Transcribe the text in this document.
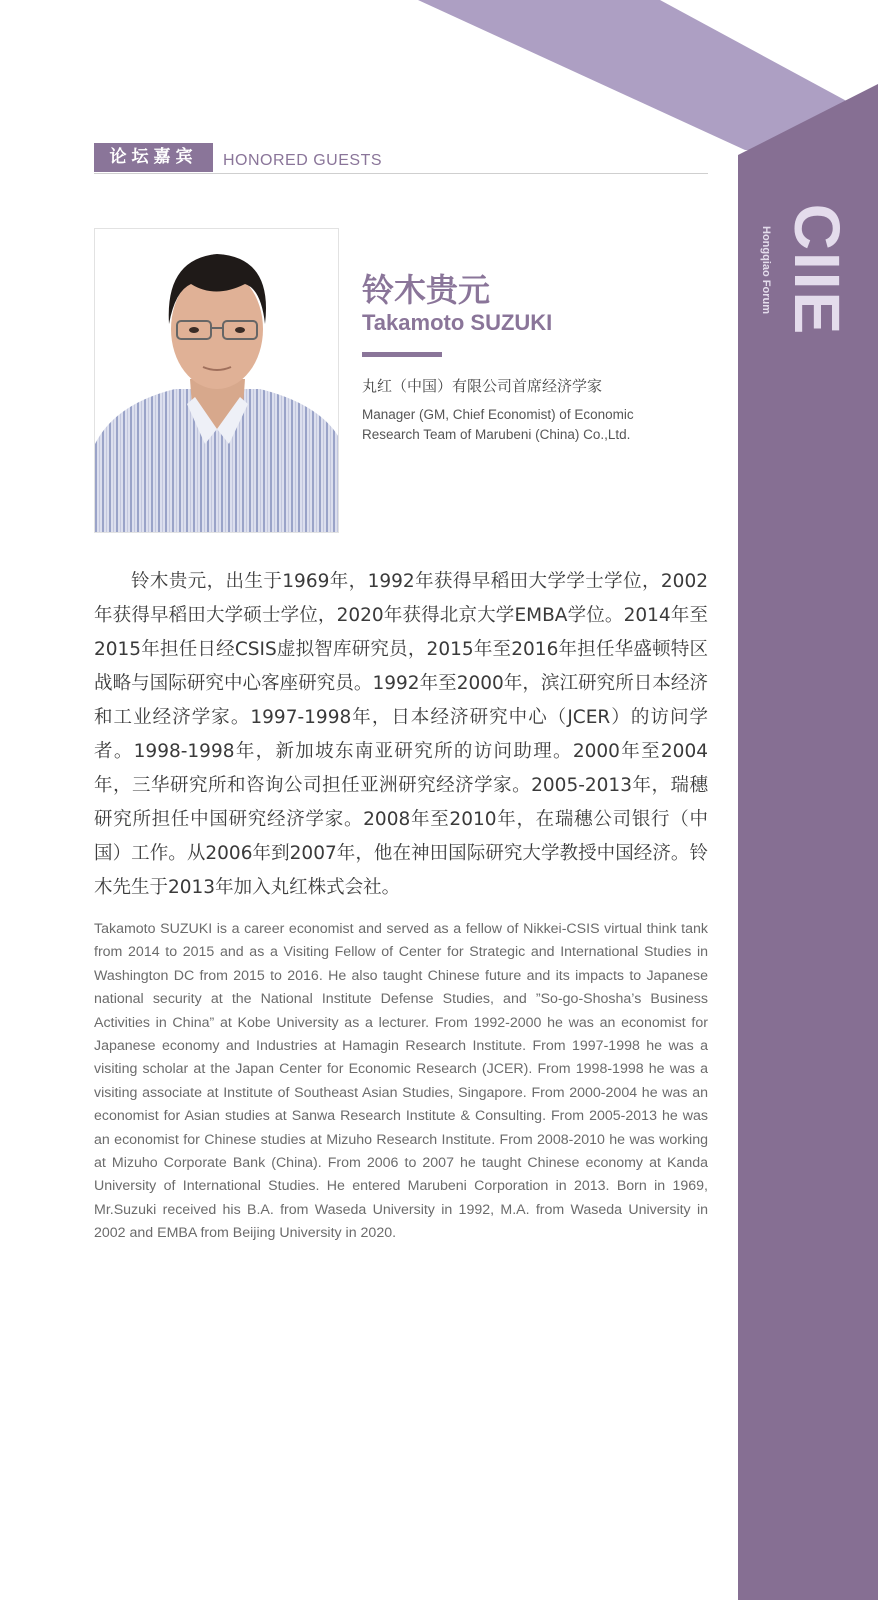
Hongqiao Forum CIIE
论坛嘉宾	HONORED GUESTS
铃木贵元
Takamoto SUZUKI
丸红（中国）有限公司首席经济学家
Manager (GM, Chief Economist) of Economic Research Team of Marubeni (China) Co.,Ltd.

铃木贵元，出生于1969年，1992年获得早稻田大学学士学位，2002年获得早稻田大学硕士学位，2020年获得北京大学EMBA学位。2014年至2015年担任日经CSIS虚拟智库研究员，2015年至2016年担任华盛顿特区战略与国际研究中心客座研究员。1992年至2000年，滨江研究所日本经济和工业经济学家。1997-1998年，日本经济研究中心（JCER）的访问学者。1998-1998年，新加坡东南亚研究所的访问助理。2000年至2004年，三华研究所和咨询公司担任亚洲研究经济学家。2005-2013年，瑞穗研究所担任中国研究经济学家。2008年至2010年，在瑞穗公司银行（中国）工作。从2006年到2007年，他在神田国际研究大学教授中国经济。铃木先生于2013年加入丸红株式会社。

Takamoto SUZUKI is a career economist and served as a fellow of Nikkei-CSIS virtual think tank from 2014 to 2015 and as a Visiting Fellow of Center for Strategic and International Studies in Washington DC from 2015 to 2016. He also taught Chinese future and its impacts to Japanese national security at the National Institute Defense Studies, and ”So-go-Shosha’s Business Activities in China” at Kobe University as a lecturer. From 1992-2000 he was an economist for Japanese economy and Industries at Hamagin Research Institute. From 1997-1998 he was a visiting scholar at the Japan Center for Economic Research (JCER). From 1998-1998 he was a visiting associate at Institute of Southeast Asian Studies, Singapore. From 2000-2004 he was an economist for Asian studies at Sanwa Research Institute & Consulting. From 2005-2013 he was an economist for Chinese studies at Mizuho Research Institute. From 2008-2010 he was working at Mizuho Corporate Bank (China). From 2006 to 2007 he taught Chinese economy at Kanda University of International Studies. He entered Marubeni Corporation in 2013. Born in 1969, Mr.Suzuki received his B.A. from Waseda University in 1992, M.A. from Waseda University in 2002 and EMBA from Beijing University in 2020.
